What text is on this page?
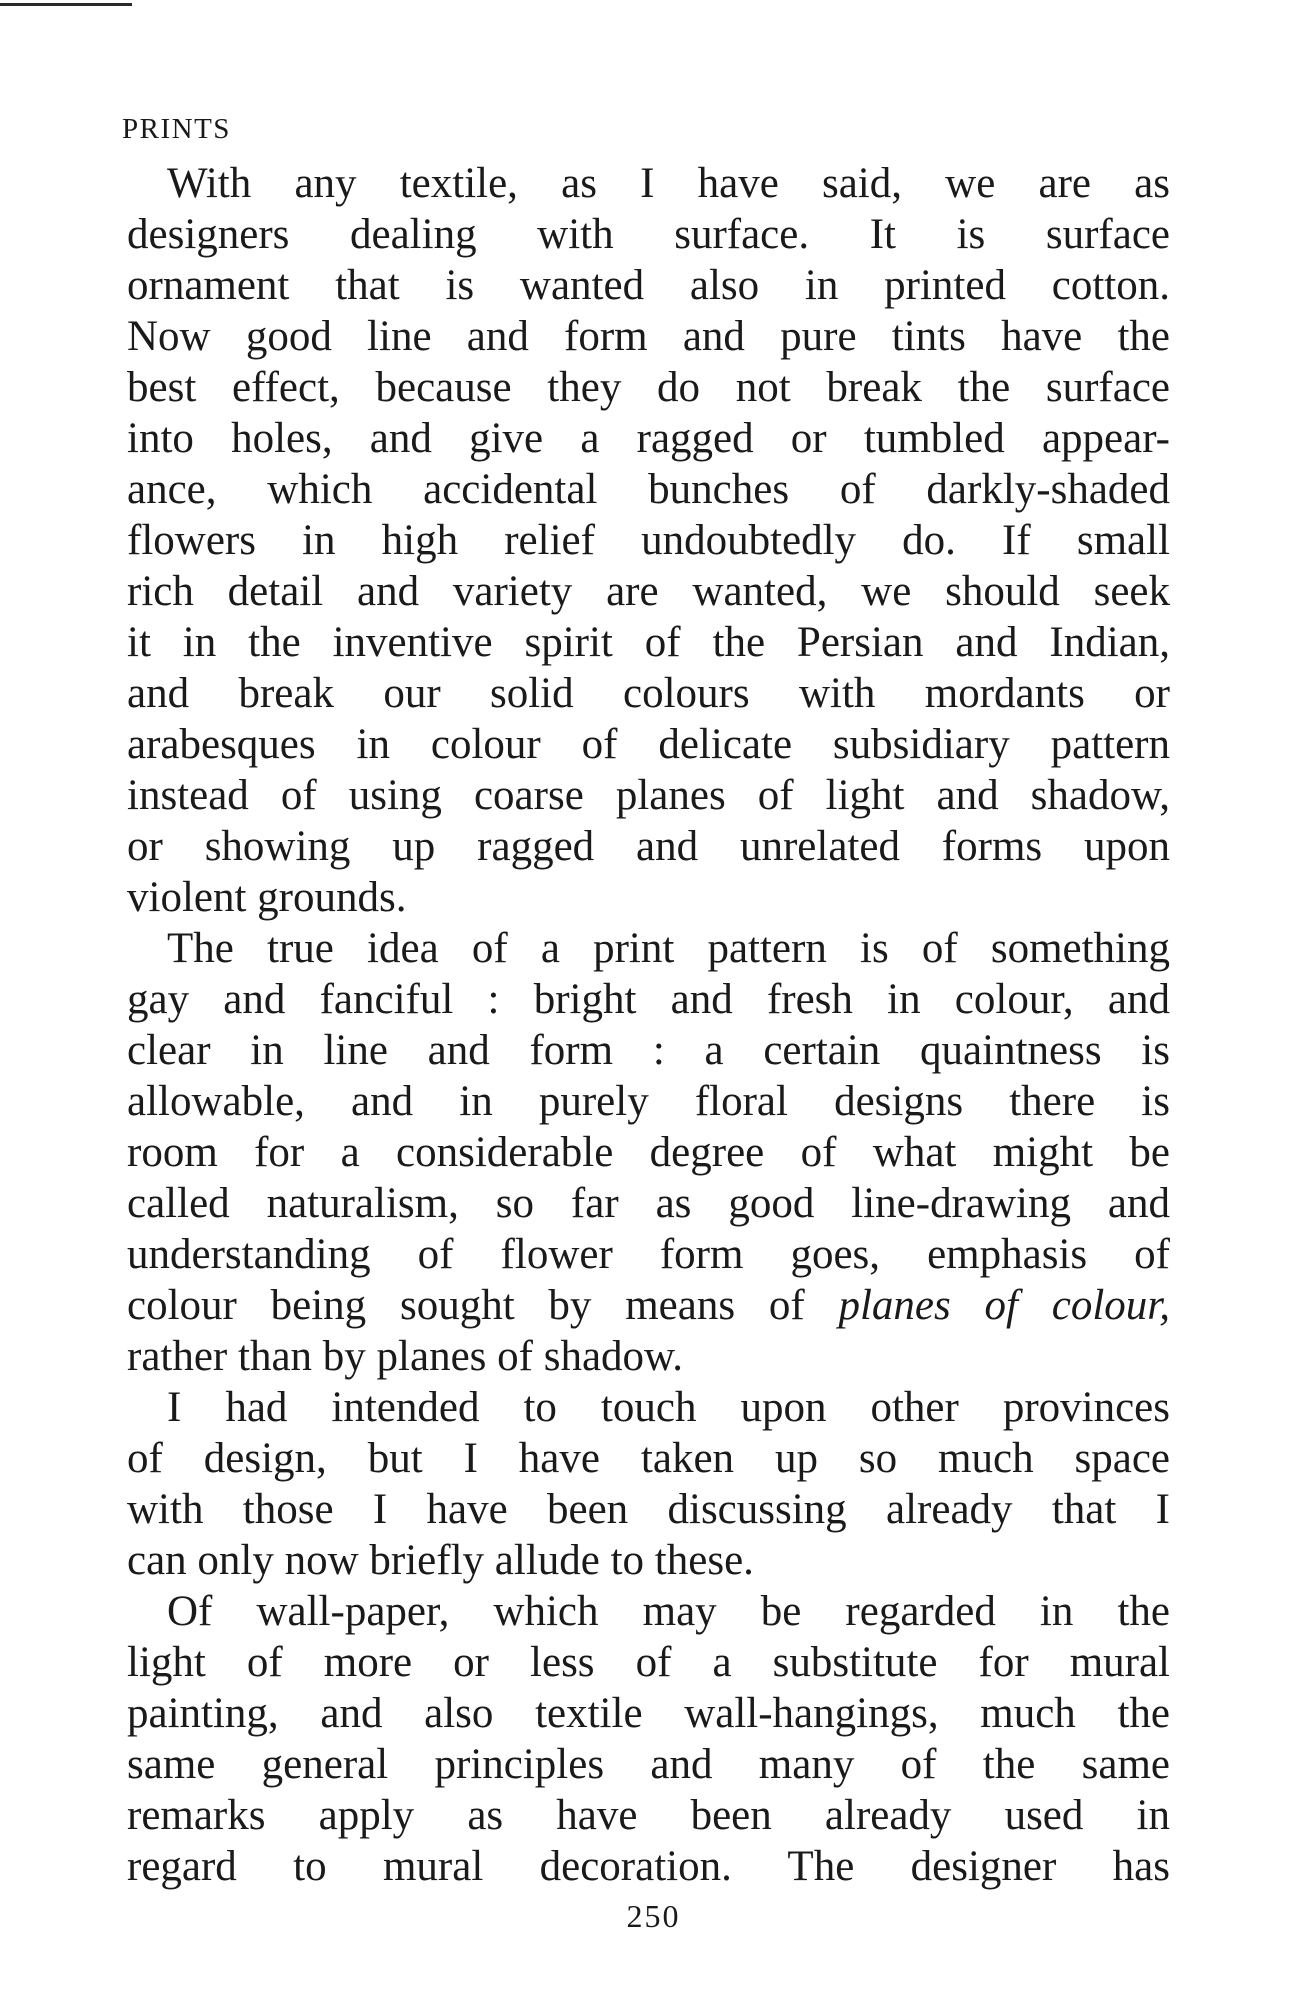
PRINTS
With any textile, as I have said, we are as
designers dealing with surface. It is surface
ornament that is wanted also in printed cotton.
Now good line and form and pure tints have the
best effect, because they do not break the surface
into holes, and give a ragged or tumbled appear-
ance, which accidental bunches of darkly-shaded
flowers in high relief undoubtedly do. If small
rich detail and variety are wanted, we should seek
it in the inventive spirit of the Persian and Indian,
and break our solid colours with mordants or
arabesques in colour of delicate subsidiary pattern
instead of using coarse planes of light and shadow,
or showing up ragged and unrelated forms upon
violent grounds.
The true idea of a print pattern is of something
gay and fanciful : bright and fresh in colour, and
clear in line and form : a certain quaintness is
allowable, and in purely floral designs there is
room for a considerable degree of what might be
called naturalism, so far as good line-drawing and
understanding of flower form goes, emphasis of
colour being sought by means of planes of colour,
rather than by planes of shadow.
I had intended to touch upon other provinces
of design, but I have taken up so much space
with those I have been discussing already that I
can only now briefly allude to these.
Of wall-paper, which may be regarded in the
light of more or less of a substitute for mural
painting, and also textile wall-hangings, much the
same general principles and many of the same
remarks apply as have been already used in
regard to mural decoration. The designer has
250
